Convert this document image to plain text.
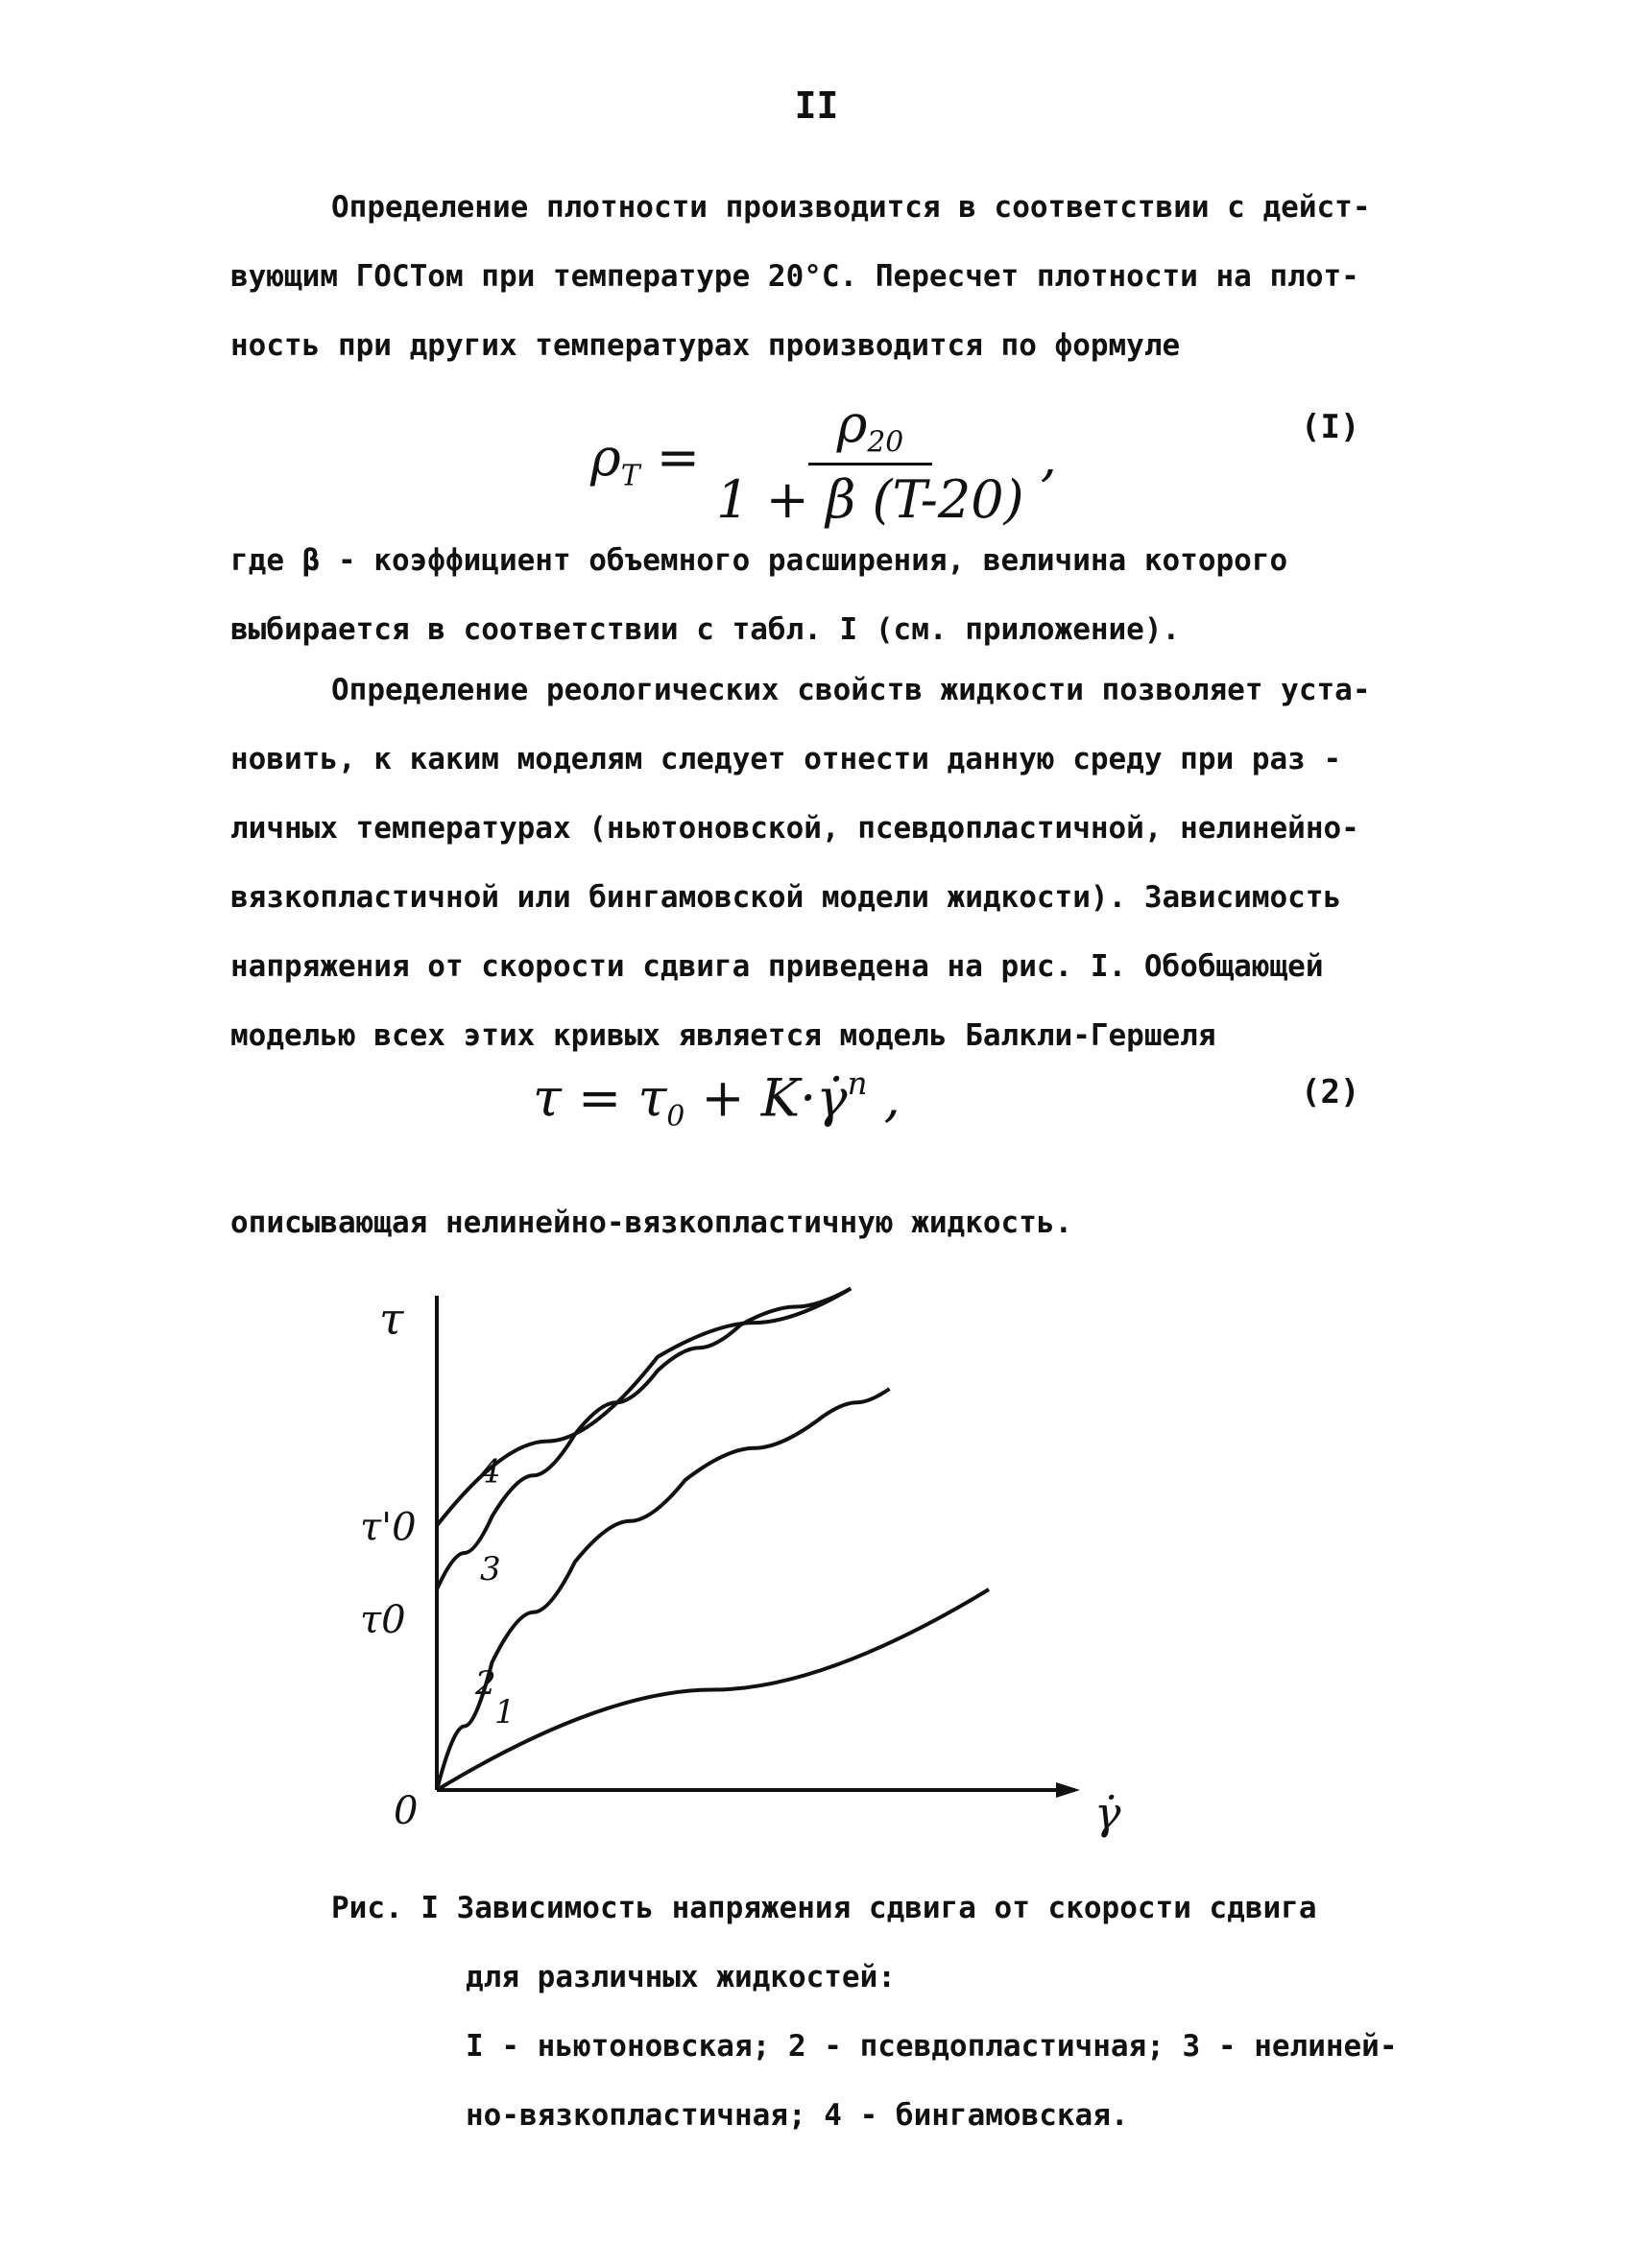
II

Определение плотности производится в соответствии с дейст-
вующим ГОСТом при температуре 20°С. Пересчет плотности на плот-
ность при других температурах производится по формуле

$\rho_T = \frac{\rho_{20}}{1 + \beta (T-20)}$ ,
(I)

где β - коэффициент объемного расширения, величина которого
выбирается в соответствии с табл. I (см. приложение).

Определение реологических свойств жидкости позволяет уста-
новить, к каким моделям следует отнести данную среду при раз -
личных температурах (ньютоновской, псевдопластичной, нелинейно-
вязкопластичной или бингамовской модели жидкости). Зависимость
напряжения от скорости сдвига приведена на рис. I. Обобщающей
моделью всех этих кривых является модель Балкли-Гершеля

$\tau = \tau_0$ + K·γ̇$^n$ ,	(2)

описывающая нелинейно-вязкопластичную жидкость.

1
2
3
4
τ
γ̇
0
τ'0
τ0
Рис. I Зависимость напряжения сдвига от скорости сдвига
для различных жидкостей:
I - ньютоновская; 2 - псевдопластичная; 3 - нелиней-
но-вязкопластичная; 4 - бингамовская.
